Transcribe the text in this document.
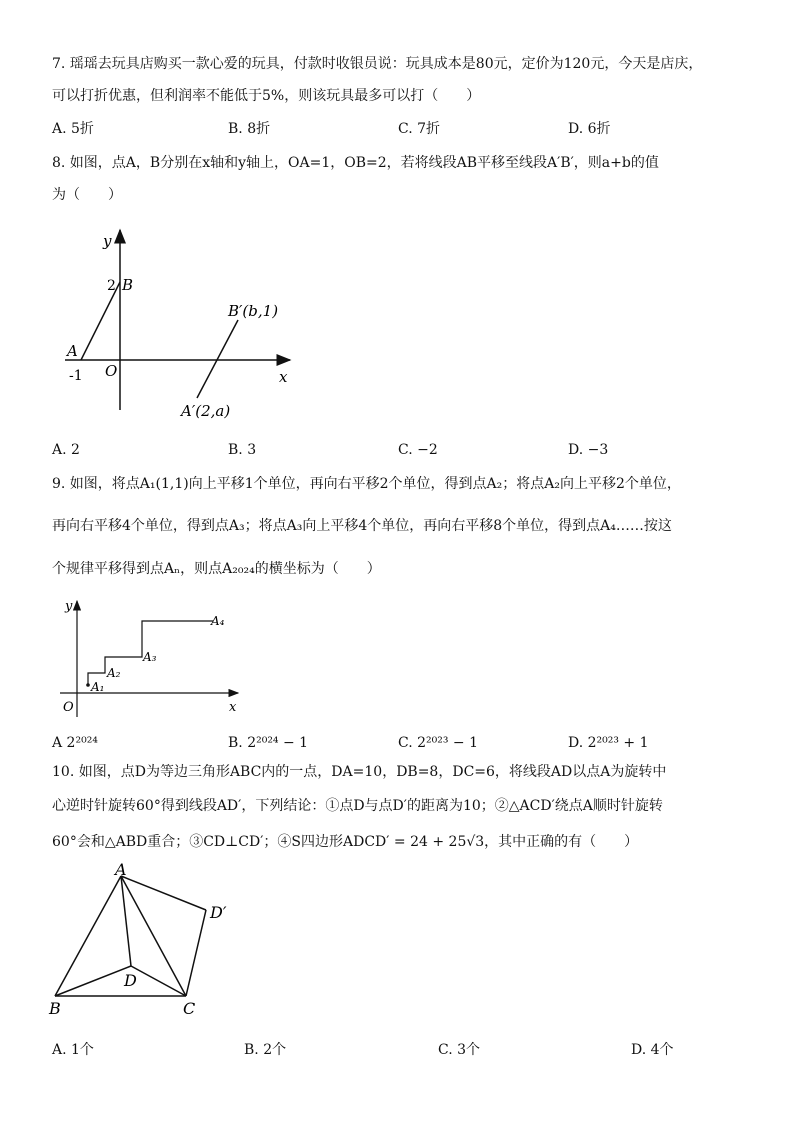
7. 瑶瑶去玩具店购买一款心爱的玩具，付款时收银员说：玩具成本是80元，定价为120元，今天是店庆，
可以打折优惠，但利润率不能低于5%，则该玩具最多可以打（　　）
A. 5折	B. 8折	C. 7折	D. 6折
8. 如图，点A，B分别在x轴和y轴上，OA=1，OB=2，若将线段AB平移至线段A′B′，则a+b的值
为（　　）
y
x
O
A
-1
B
2
B′(b,1)
A′(2,a)
A. 2	B. 3	C. −2	D. −3
9. 如图，将点A₁(1,1)向上平移1个单位，再向右平移2个单位，得到点A₂；将点A₂向上平移2个单位，
再向右平移4个单位，得到点A₃；将点A₃向上平移4个单位，再向右平移8个单位，得到点A₄……按这
个规律平移得到点Aₙ，则点A₂₀₂₄的横坐标为（　　）
y
x
O
A₁
A₂
A₃
A₄
A 2²⁰²⁴	B. 2²⁰²⁴ − 1	C. 2²⁰²³ − 1	D. 2²⁰²³ + 1
10. 如图，点D为等边三角形ABC内的一点，DA=10，DB=8，DC=6，将线段AD以点A为旋转中
心逆时针旋转60°得到线段AD′，下列结论：①点D与点D′的距离为10；②△ACD′绕点A顺时针旋转
60°会和△ABD重合；③CD⊥CD′；④S四边形ADCD′ = 24 + 25√3，其中正确的有（　　）
A
B	C
D
D′
A. 1个	B. 2个	C. 3个	D. 4个
